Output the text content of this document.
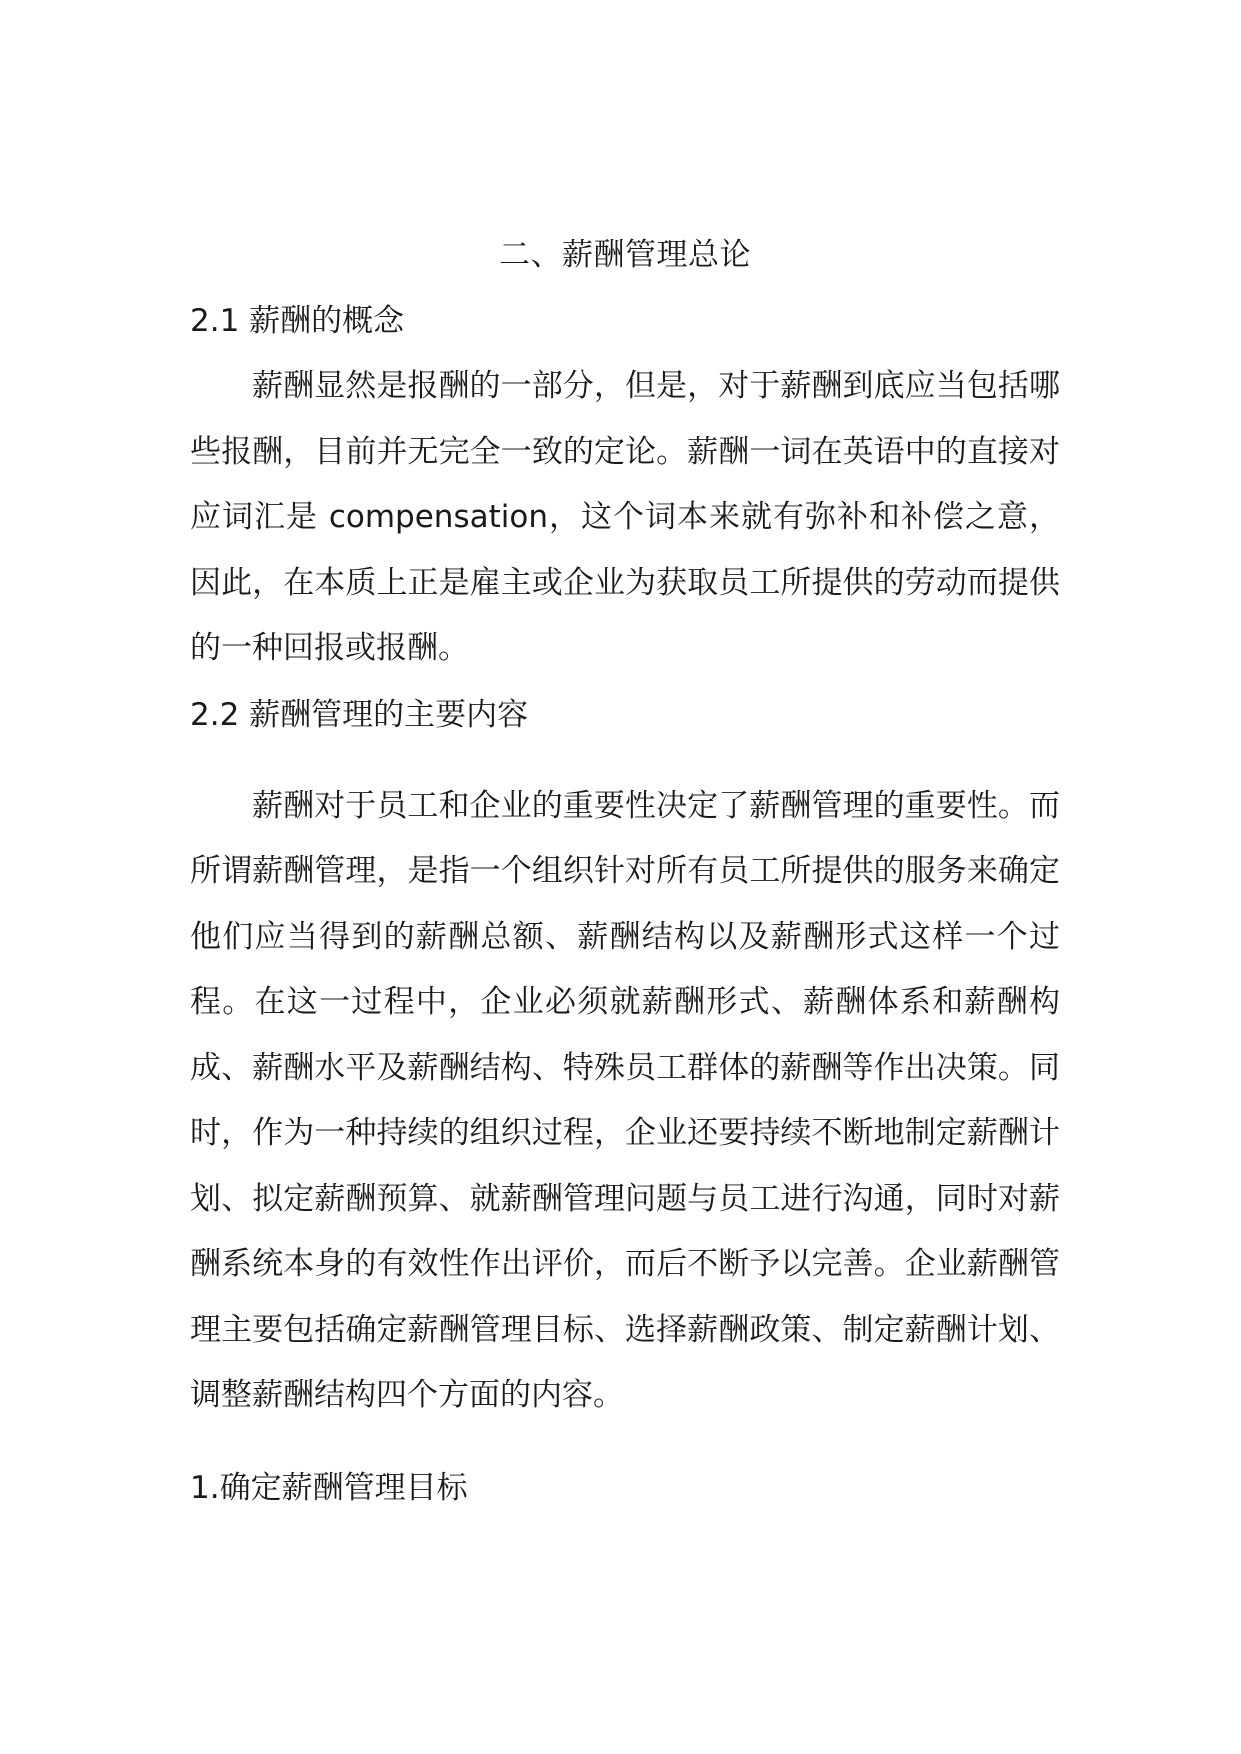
二、薪酬管理总论
2.1 薪酬的概念

薪酬显然是报酬的一部分，但是，对于薪酬到底应当包括哪些报酬，目前并无完全一致的定论。薪酬一词在英语中的直接对应词汇是 compensation，这个词本来就有弥补和补偿之意，因此，在本质上正是雇主或企业为获取员工所提供的劳动而提供的一种回报或报酬。

2.2 薪酬管理的主要内容

薪酬对于员工和企业的重要性决定了薪酬管理的重要性。而所谓薪酬管理，是指一个组织针对所有员工所提供的服务来确定他们应当得到的薪酬总额、薪酬结构以及薪酬形式这样一个过程。在这一过程中，企业必须就薪酬形式、薪酬体系和薪酬构成、薪酬水平及薪酬结构、特殊员工群体的薪酬等作出决策。同时，作为一种持续的组织过程，企业还要持续不断地制定薪酬计划、拟定薪酬预算、就薪酬管理问题与员工进行沟通，同时对薪酬系统本身的有效性作出评价，而后不断予以完善。企业薪酬管理主要包括确定薪酬管理目标、选择薪酬政策、制定薪酬计划、调整薪酬结构四个方面的内容。

1.确定薪酬管理目标
